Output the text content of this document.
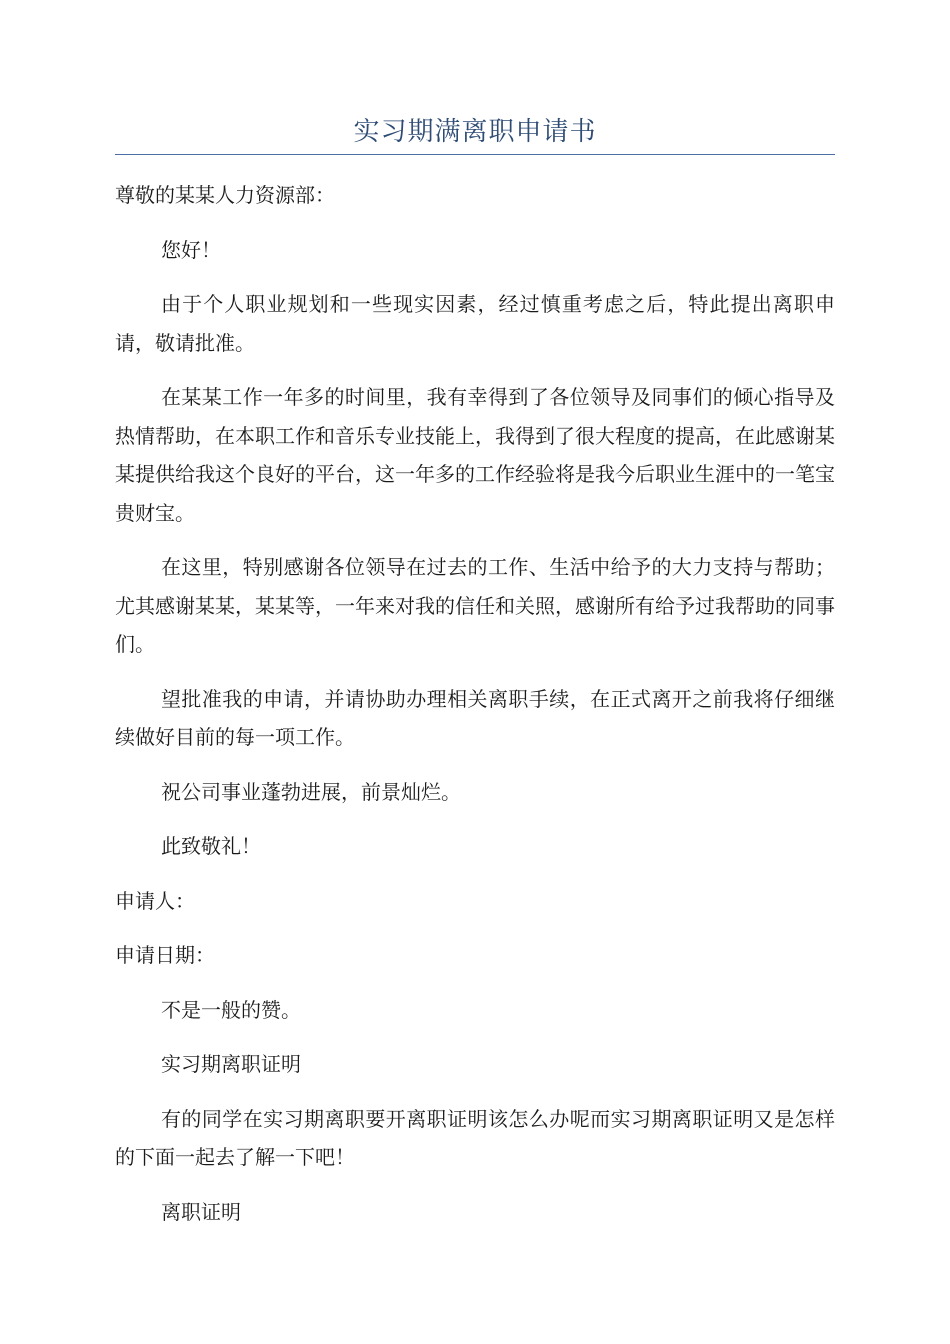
实习期满离职申请书

尊敬的某某人力资源部：

您好！

由于个人职业规划和一些现实因素，经过慎重考虑之后，特此提出离职申请，敬请批准。

在某某工作一年多的时间里，我有幸得到了各位领导及同事们的倾心指导及热情帮助，在本职工作和音乐专业技能上，我得到了很大程度的提高，在此感谢某某提供给我这个良好的平台，这一年多的工作经验将是我今后职业生涯中的一笔宝贵财宝。

在这里，特别感谢各位领导在过去的工作、生活中给予的大力支持与帮助；尤其感谢某某，某某等，一年来对我的信任和关照，感谢所有给予过我帮助的同事们。

望批准我的申请，并请协助办理相关离职手续，在正式离开之前我将仔细继续做好目前的每一项工作。

祝公司事业蓬勃进展，前景灿烂。

此致敬礼！

申请人：

申请日期：

不是一般的赞。

实习期离职证明

有的同学在实习期离职要开离职证明该怎么办呢而实习期离职证明又是怎样的下面一起去了解一下吧！

离职证明
